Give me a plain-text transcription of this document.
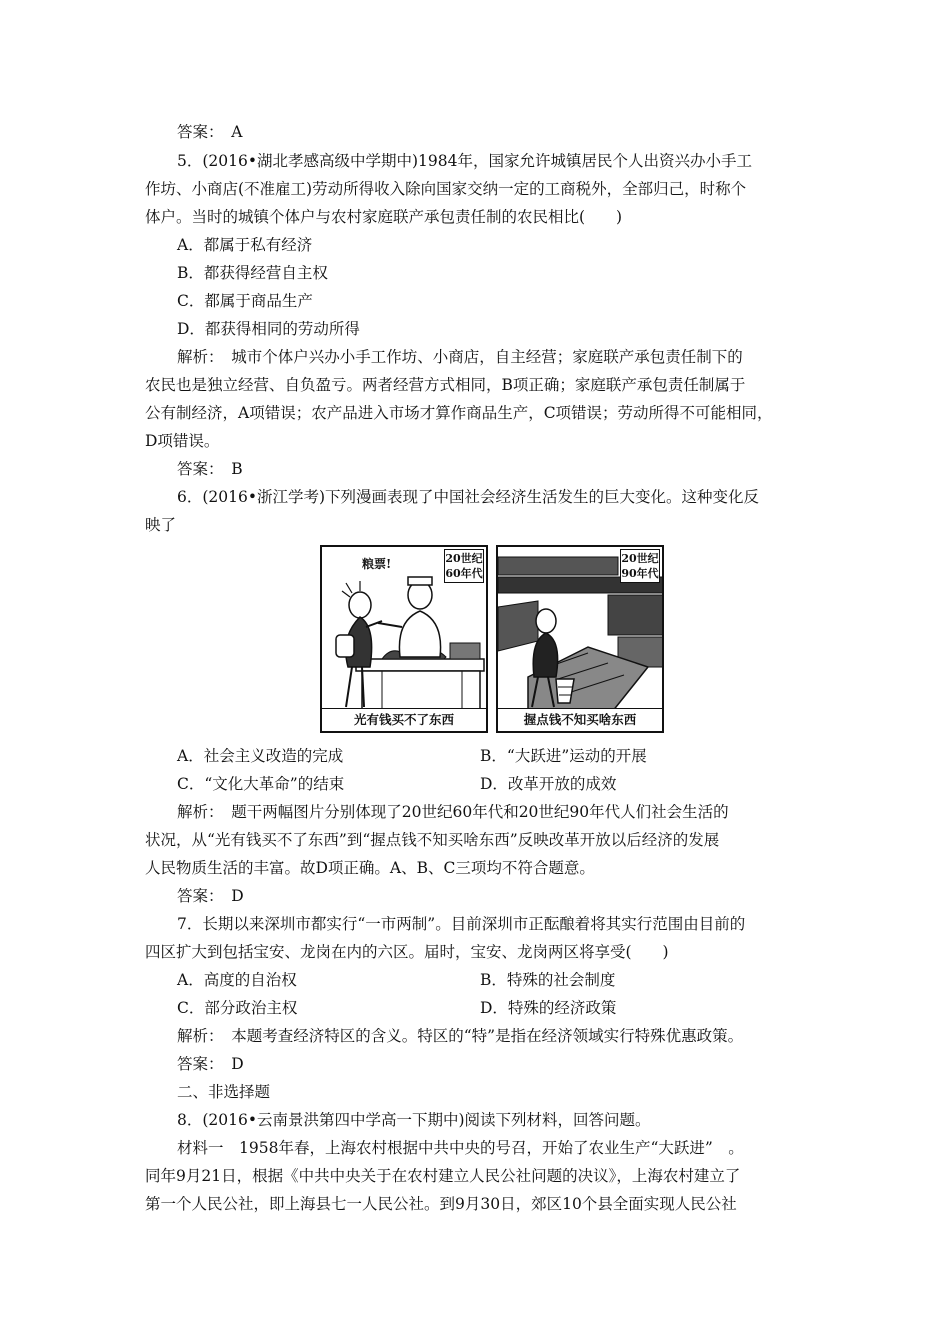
答案：　A
5．(2016•湖北孝感高级中学期中)1984年，国家允许城镇居民个人出资兴办小手工
作坊、小商店(不准雇工)劳动所得收入除向国家交纳一定的工商税外，全部归己，时称个
体户。当时的城镇个体户与农村家庭联产承包责任制的农民相比(　　)
A．都属于私有经济
B．都获得经营自主权
C．都属于商品生产
D．都获得相同的劳动所得
解析：　城市个体户兴办小手工作坊、小商店，自主经营；家庭联产承包责任制下的
农民也是独立经营、自负盈亏。两者经营方式相同，B项正确；家庭联产承包责任制属于
公有制经济，A项错误；农产品进入市场才算作商品生产，C项错误；劳动所得不可能相同，
D项错误。
答案：　B
6．(2016•浙江学考)下列漫画表现了中国社会经济生活发生的巨大变化。这种变化反
映了
粮票!	20世纪
60年代
光有钱买不了东西
20世纪
90年代
握点钱不知买啥东西
A．社会主义改造的完成	B．“大跃进”运动的开展
C．“文化大革命”的结束	D．改革开放的成效
解析：　题干两幅图片分别体现了20世纪60年代和20世纪90年代人们社会生活的
状况，从“光有钱买不了东西”到“握点钱不知买啥东西”反映改革开放以后经济的发展
人民物质生活的丰富。故D项正确。A、B、C三项均不符合题意。
答案：　D
7．长期以来深圳市都实行“一市两制”。目前深圳市正酝酿着将其实行范围由目前的
四区扩大到包括宝安、龙岗在内的六区。届时，宝安、龙岗两区将享受(　　)
A．高度的自治权	B．特殊的社会制度
C．部分政治主权	D．特殊的经济政策
解析：　本题考查经济特区的含义。特区的“特”是指在经济领域实行特殊优惠政策。
答案：　D
二、非选择题
8．(2016•云南景洪第四中学高一下期中)阅读下列材料，回答问题。
材料一　1958年春，上海农村根据中共中央的号召，开始了农业生产“大跃进”　。
同年9月21日，根据《中共中央关于在农村建立人民公社问题的决议》，上海农村建立了
第一个人民公社，即上海县七一人民公社。到9月30日，郊区10个县全面实现人民公社
